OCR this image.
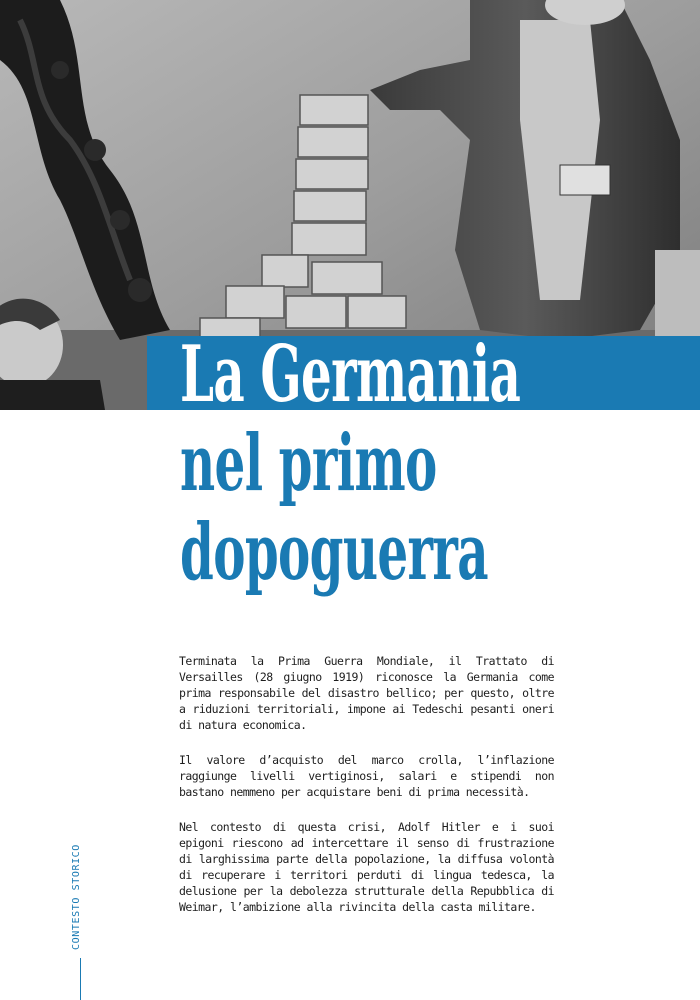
La Germania
nel primo
dopoguerra

Terminata la Prima Guerra Mondiale, il Trattato di Versailles (28 giugno 1919) riconosce la Germania come prima responsabile del disastro bellico; per questo, oltre a riduzioni territoriali, impone ai Tedeschi pesanti oneri di natura economica.

Il valore d’acquisto del marco crolla, l’inflazione raggiunge livelli vertiginosi, salari e stipendi non bastano nemmeno per acquistare beni di prima necessità.

Nel contesto di questa crisi, Adolf Hitler e i suoi epigoni riescono ad intercettare il senso di frustrazione di larghissima parte della popolazione, la diffusa volontà di recuperare i territori perduti di lingua tedesca, la delusione per la debolezza strutturale della Repubblica di Weimar, l’ambizione alla rivincita della casta militare.

CONTESTO STORICO
